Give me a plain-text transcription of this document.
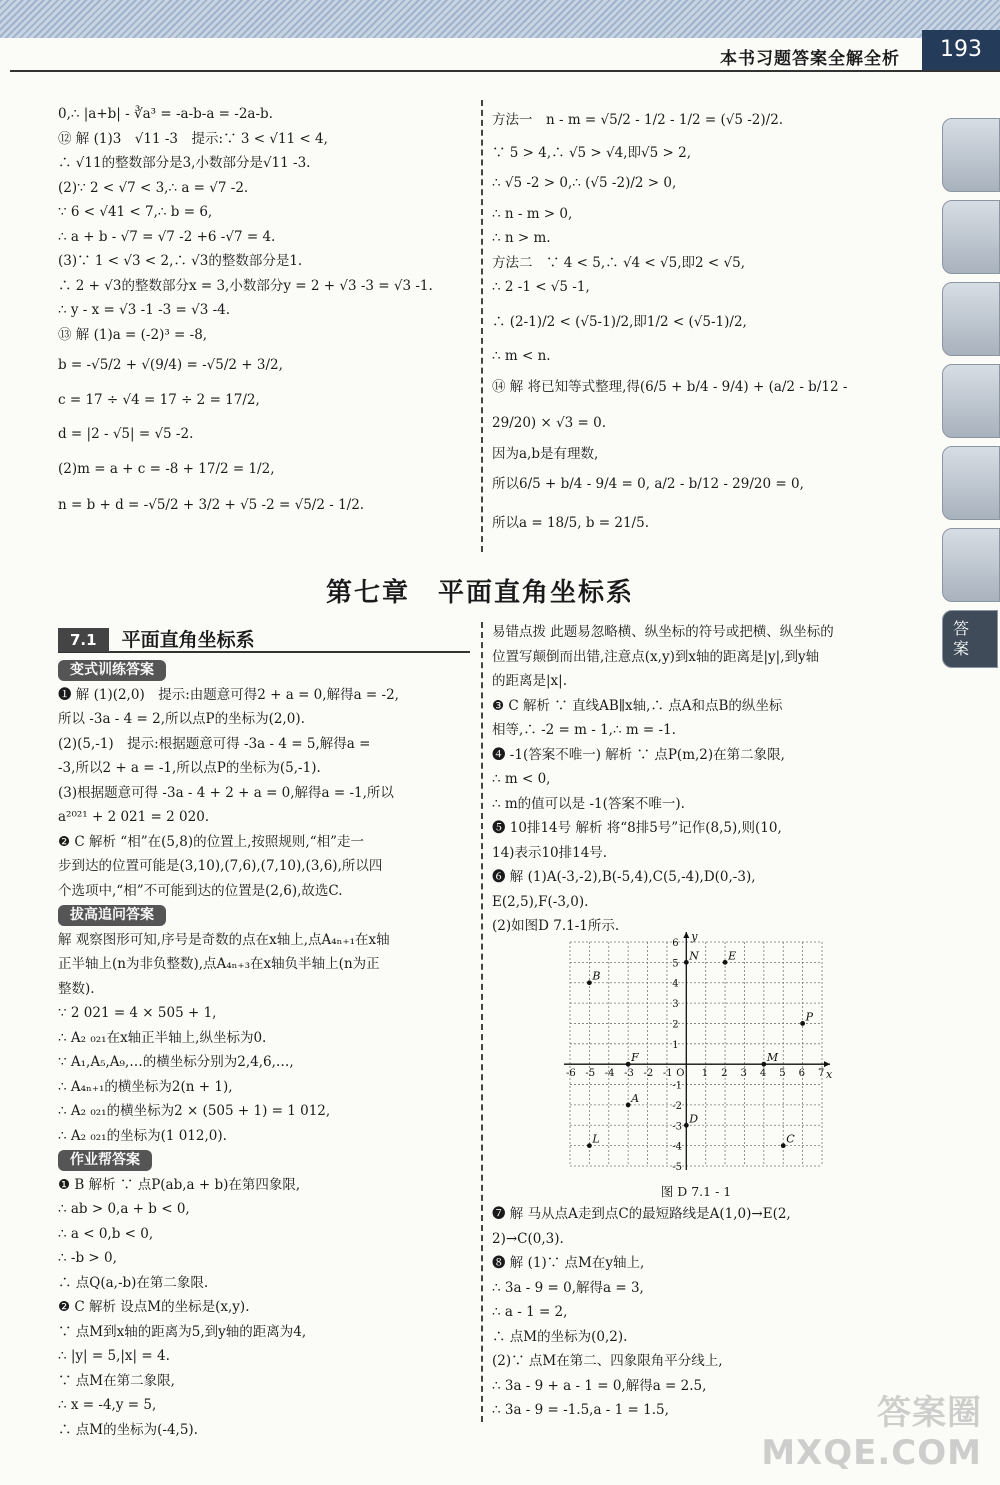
本书习题答案全解全析	193
答
案
0,∴ |a+b| - ∛a³ = -a-b-a = -2a-b.
⑫ 解 (1)3　√11 -3　提示:∵ 3 < √11 < 4,
∴ √11的整数部分是3,小数部分是√11 -3.
(2)∵ 2 < √7 < 3,∴ a = √7 -2.
∵ 6 < √41 < 7,∴ b = 6,
∴ a + b - √7 = √7 -2 +6 -√7 = 4.
(3)∵ 1 < √3 < 2,∴ √3的整数部分是1.
∴ 2 + √3的整数部分x = 3,小数部分y = 2 + √3 -3 = √3 -1.
∴ y - x = √3 -1 -3 = √3 -4.
⑬ 解 (1)a = (-2)³ = -8,
b = -√5/2 + √(9/4) = -√5/2 + 3/2,
c = 17 ÷ √4 = 17 ÷ 2 = 17/2,
d = |2 - √5| = √5 -2.
(2)m = a + c = -8 + 17/2 = 1/2,
n = b + d = -√5/2 + 3/2 + √5 -2 = √5/2 - 1/2.
方法一　n - m = √5/2 - 1/2 - 1/2 = (√5 -2)/2.
∵ 5 > 4,∴ √5 > √4,即√5 > 2,
∴ √5 -2 > 0,∴ (√5 -2)/2 > 0,
∴ n - m > 0,
∴ n > m.
方法二　∵ 4 < 5,∴ √4 < √5,即2 < √5,
∴ 2 -1 < √5 -1,
∴ (2-1)/2 < (√5-1)/2,即1/2 < (√5-1)/2,
∴ m < n.
⑭ 解 将已知等式整理,得(6/5 + b/4 - 9/4) + (a/2 - b/12 -
29/20) × √3 = 0.
因为a,b是有理数,
所以6/5 + b/4 - 9/4 = 0, a/2 - b/12 - 29/20 = 0,
所以a = 18/5, b = 21/5.
第七章　平面直角坐标系
7.1 平面直角坐标系
变式训练答案
❶ 解 (1)(2,0)　提示:由题意可得2 + a = 0,解得a = -2,
所以 -3a - 4 = 2,所以点P的坐标为(2,0).
(2)(5,-1)　提示:根据题意可得 -3a - 4 = 5,解得a =
-3,所以2 + a = -1,所以点P的坐标为(5,-1).
(3)根据题意可得 -3a - 4 + 2 + a = 0,解得a = -1,所以
a²⁰²¹ + 2 021 = 2 020.
❷ C 解析 “相”在(5,8)的位置上,按照规则,“相”走一
步到达的位置可能是(3,10),(7,6),(7,10),(3,6),所以四
个选项中,“相”不可能到达的位置是(2,6),故选C.
拔高追问答案
解 观察图形可知,序号是奇数的点在x轴上,点A₄ₙ₊₁在x轴
正半轴上(n为非负整数),点A₄ₙ₊₃在x轴负半轴上(n为正
整数).
∵ 2 021 = 4 × 505 + 1,
∴ A₂ ₀₂₁在x轴正半轴上,纵坐标为0.
∵ A₁,A₅,A₉,…的横坐标分别为2,4,6,…,
∴ A₄ₙ₊₁的横坐标为2(n + 1),
∴ A₂ ₀₂₁的横坐标为2 × (505 + 1) = 1 012,
∴ A₂ ₀₂₁的坐标为(1 012,0).
作业帮答案
❶ B 解析 ∵ 点P(ab,a + b)在第四象限,
∴ ab > 0,a + b < 0,
∴ a < 0,b < 0,
∴ -b > 0,
∴ 点Q(a,-b)在第二象限.
❷ C 解析 设点M的坐标是(x,y).
∵ 点M到x轴的距离为5,到y轴的距离为4,
∴ |y| = 5,|x| = 4.
∵ 点M在第二象限,
∴ x = -4,y = 5,
∴ 点M的坐标为(-4,5).
易错点拨 此题易忽略横、纵坐标的符号或把横、纵坐标的
位置写颠倒而出错,注意点(x,y)到x轴的距离是|y|,到y轴
的距离是|x|.
❸ C 解析 ∵ 直线AB∥x轴,∴ 点A和点B的纵坐标
相等,∴ -2 = m - 1,∴ m = -1.
❹ -1(答案不唯一) 解析 ∵ 点P(m,2)在第二象限,
∴ m < 0,
∴ m的值可以是 -1(答案不唯一).
❺ 10排14号 解析 将“8排5号”记作(8,5),则(10,
14)表示10排14号.
❻ 解 (1)A(-3,-2),B(-5,4),C(5,-4),D(0,-3),
E(2,5),F(-3,0).
(2)如图D 7.1-1所示.
x
y
O
-6 -5 -4 -3 -2 -1	1 2 3 4 5 6 7
6
5
4
3
2
1
-1
-2
-3
-4
-5
N	E
B
P
M
F
A
D
L	C
图 D 7.1 - 1
❼ 解 马从点A走到点C的最短路线是A(1,0)→E(2,
2)→C(0,3).
❽ 解 (1)∵ 点M在y轴上,
∴ 3a - 9 = 0,解得a = 3,
∴ a - 1 = 2,
∴ 点M的坐标为(0,2).
(2)∵ 点M在第二、四象限角平分线上,
∴ 3a - 9 + a - 1 = 0,解得a = 2.5,
∴ 3a - 9 = -1.5,a - 1 = 1.5,	答案圈
MXQE.COM
